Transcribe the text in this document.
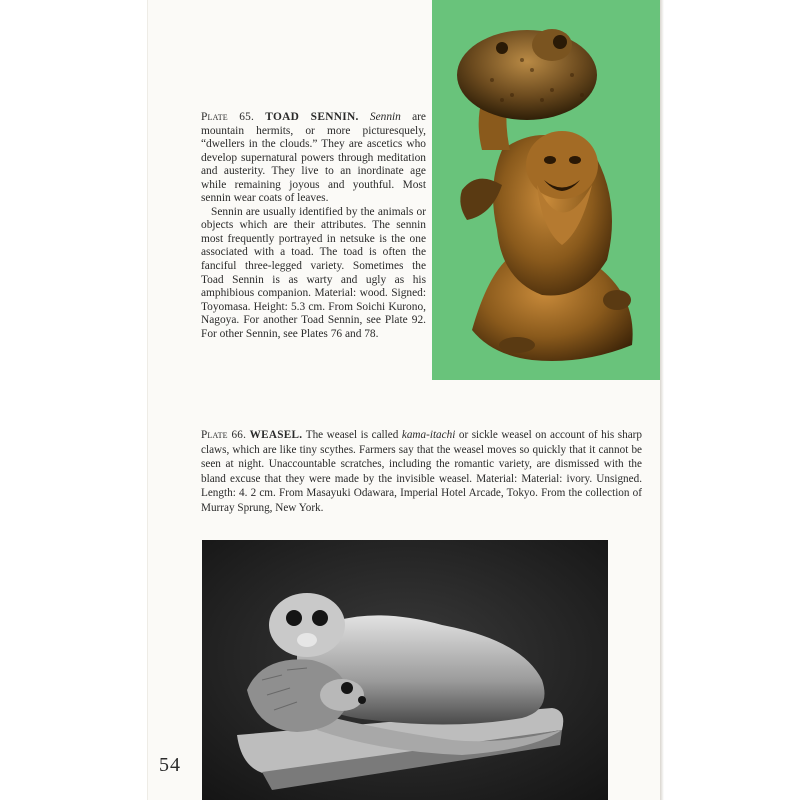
Plate 65. TOAD SENNIN. Sennin are mountain hermits, or more picturesquely, “dwellers in the clouds.” They are ascetics who develop supernatural powers through meditation and austerity. They live to an inordinate age while remaining joyous and youthful. Most sennin wear coats of leaves.

Sennin are usually identified by the animals or objects which are their attributes. The sennin most frequently portrayed in netsuke is the one associated with a toad. The toad is often the fanciful three-legged variety. Sometimes the Toad Sennin is as warty and ugly as his amphibious companion. Material: wood. Signed: Toyomasa. Height: 5.3 cm. From Soichi Kurono, Nagoya. For another Toad Sennin, see Plate 92. For other Sennin, see Plates 76 and 78.

Plate 66. WEASEL. The weasel is called kama-itachi or sickle weasel on account of his sharp claws, which are like tiny scythes. Farmers say that the weasel moves so quickly that it cannot be seen at night. Unaccountable scratches, including the romantic variety, are dismissed with the bland excuse that they were made by the invisible weasel. Material: Material: ivory. Unsigned. Length: 4. 2 cm. From Masayuki Odawara, Imperial Hotel Arcade, Tokyo. From the collection of Murray Sprung, New York.

54
